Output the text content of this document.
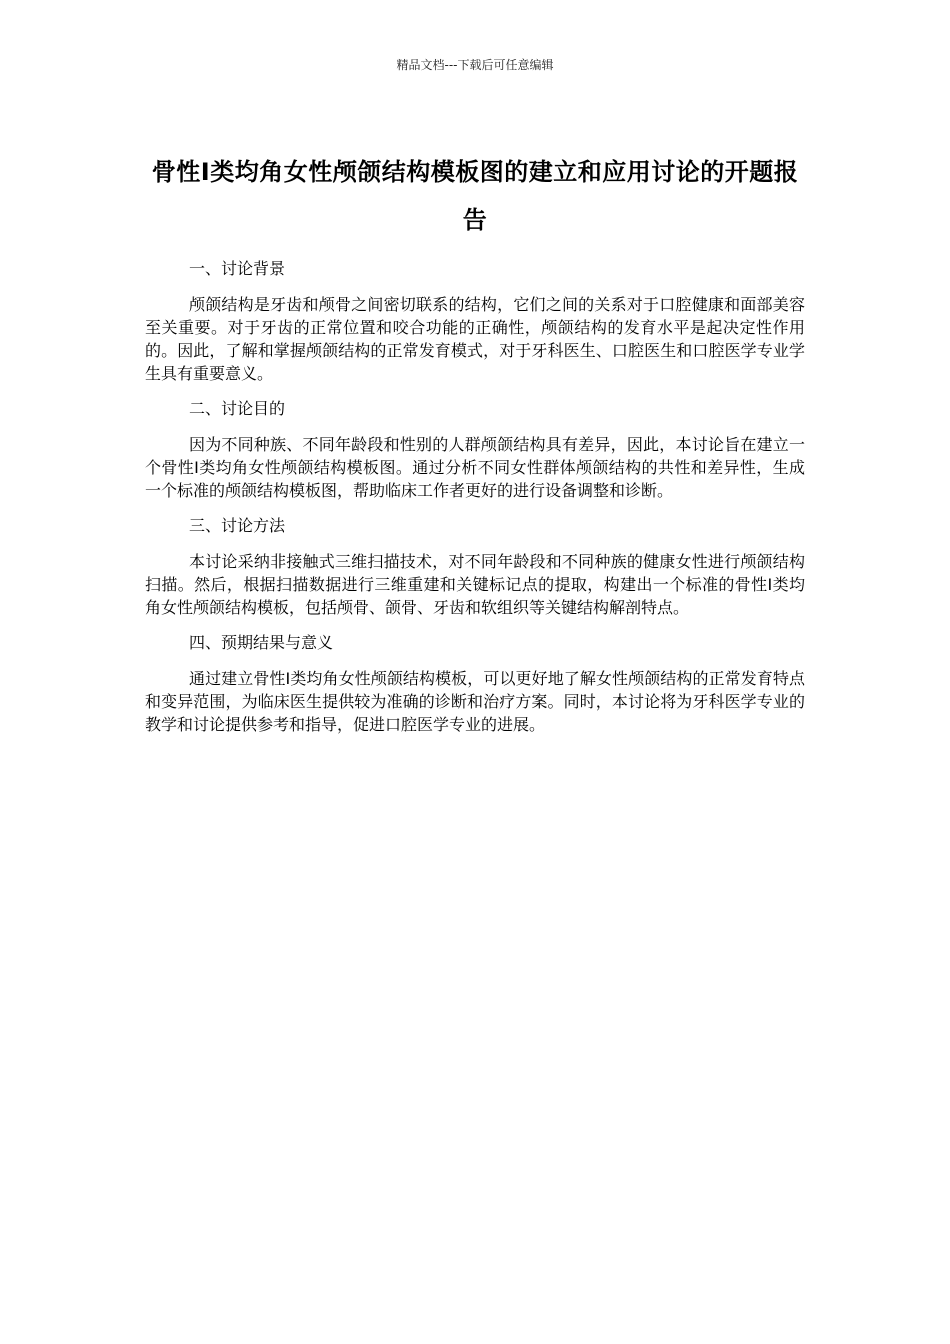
精品文档---下载后可任意编辑
骨性Ⅰ类均角女性颅颌结构模板图的建立和应用讨论的开题报告

一、讨论背景

颅颌结构是牙齿和颅骨之间密切联系的结构，它们之间的关系对于口腔健康和面部美容至关重要。对于牙齿的正常位置和咬合功能的正确性，颅颌结构的发育水平是起决定性作用的。因此，了解和掌握颅颌结构的正常发育模式，对于牙科医生、口腔医生和口腔医学专业学生具有重要意义。

二、讨论目的

因为不同种族、不同年龄段和性别的人群颅颌结构具有差异，因此，本讨论旨在建立一个骨性Ⅰ类均角女性颅颌结构模板图。通过分析不同女性群体颅颌结构的共性和差异性，生成一个标准的颅颌结构模板图，帮助临床工作者更好的进行设备调整和诊断。

三、讨论方法

本讨论采纳非接触式三维扫描技术，对不同年龄段和不同种族的健康女性进行颅颌结构扫描。然后，根据扫描数据进行三维重建和关键标记点的提取，构建出一个标准的骨性Ⅰ类均角女性颅颌结构模板，包括颅骨、颌骨、牙齿和软组织等关键结构解剖特点。

四、预期结果与意义

通过建立骨性Ⅰ类均角女性颅颌结构模板，可以更好地了解女性颅颌结构的正常发育特点和变异范围，为临床医生提供较为准确的诊断和治疗方案。同时，本讨论将为牙科医学专业的教学和讨论提供参考和指导，促进口腔医学专业的进展。
